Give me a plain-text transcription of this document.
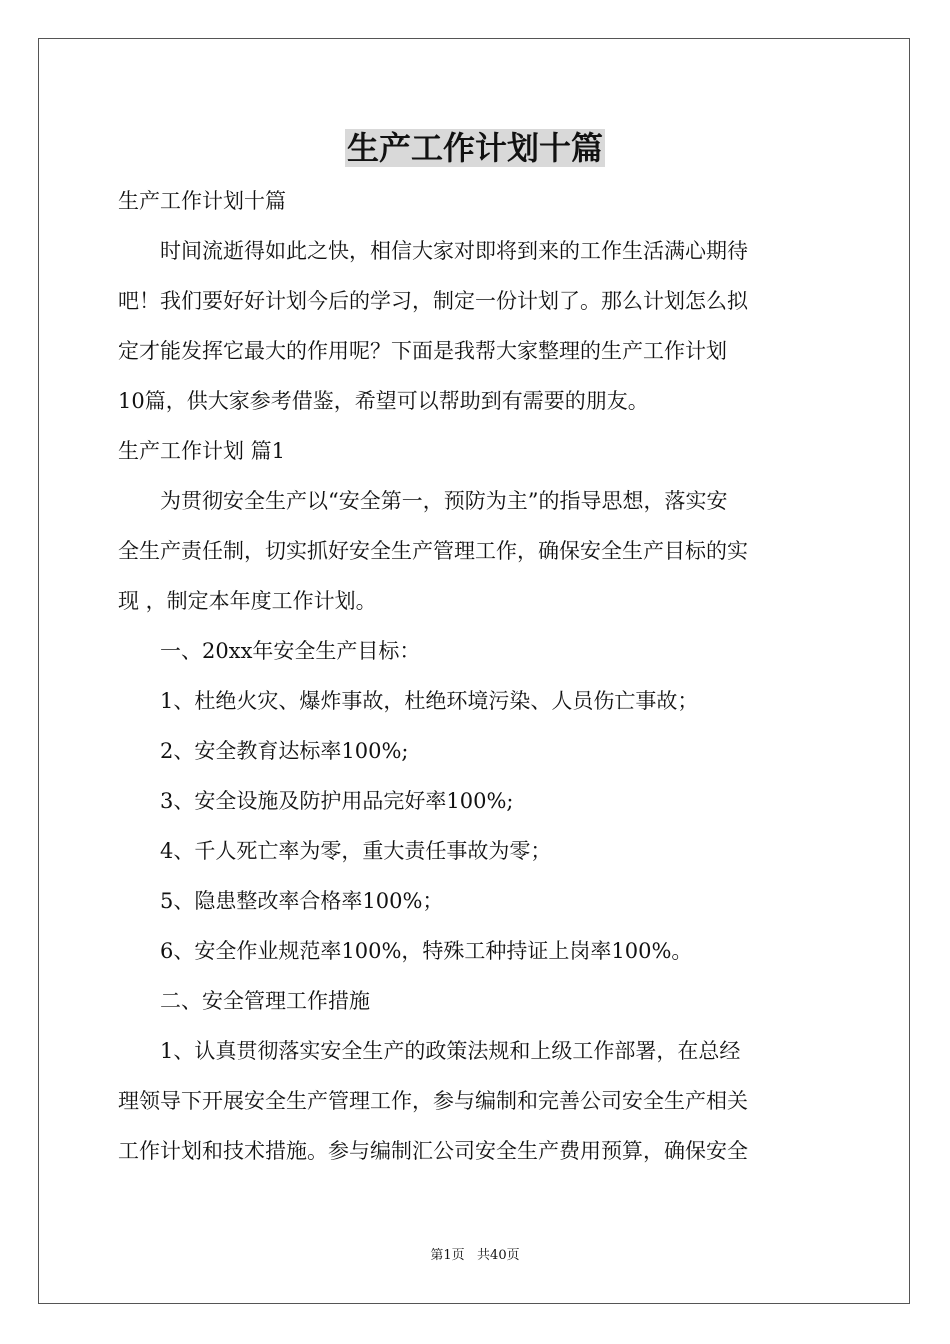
生产工作计划十篇

生产工作计划十篇

时间流逝得如此之快，相信大家对即将到来的工作生活满心期待

吧！我们要好好计划今后的学习，制定一份计划了。那么计划怎么拟

定才能发挥它最大的作用呢？下面是我帮大家整理的生产工作计划

10篇，供大家参考借鉴，希望可以帮助到有需要的朋友。

生产工作计划 篇1

为贯彻安全生产以“安全第一，预防为主”的指导思想，落实安

全生产责任制，切实抓好安全生产管理工作，确保安全生产目标的实

现 ，制定本年度工作计划。

一、20xx年安全生产目标：

1、杜绝火灾、爆炸事故，杜绝环境污染、人员伤亡事故；

2、安全教育达标率100%;

3、安全设施及防护用品完好率100%;

4、千人死亡率为零，重大责任事故为零；

5、隐患整改率合格率100%；

6、安全作业规范率100%，特殊工种持证上岗率100%。

二、安全管理工作措施

1、认真贯彻落实安全生产的政策法规和上级工作部署，在总经

理领导下开展安全生产管理工作，参与编制和完善公司安全生产相关

工作计划和技术措施。参与编制汇公司安全生产费用预算，确保安全

第1页   共40页
